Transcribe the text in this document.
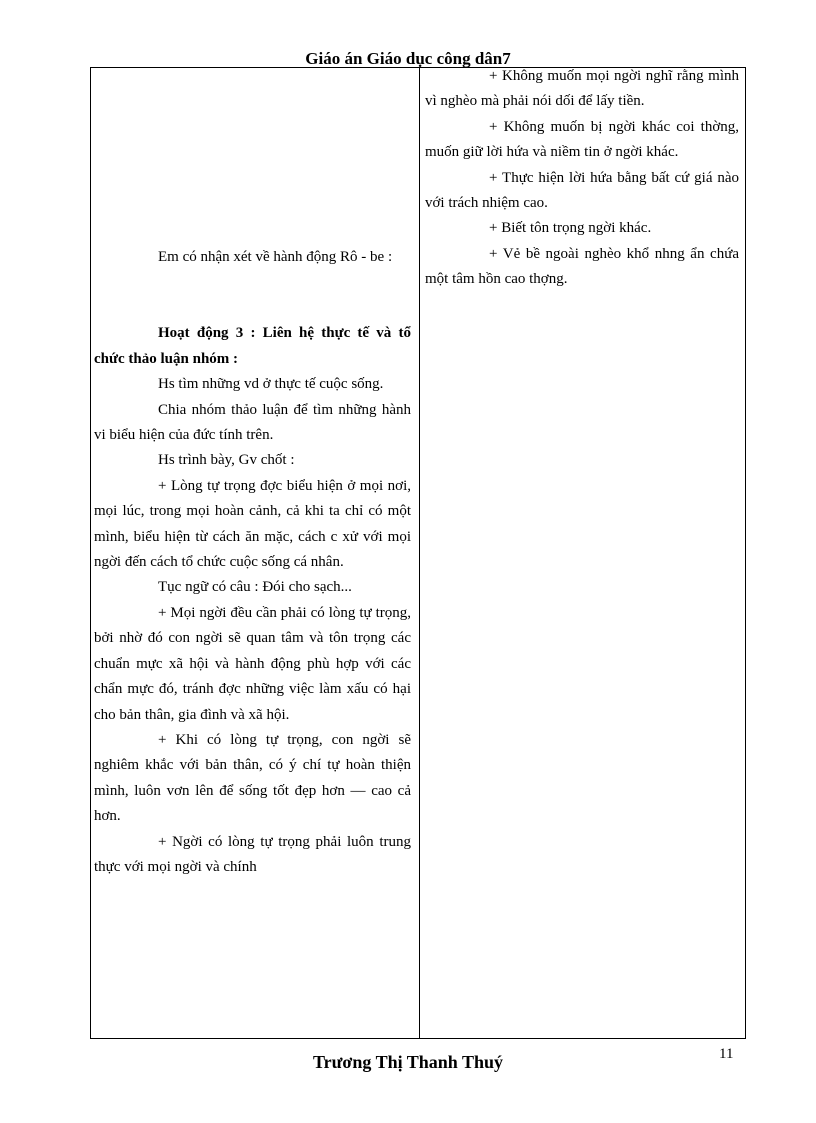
Giáo án Giáo dục công dân7

Em có nhận xét về hành động Rô - be :

Hoạt động 3 : Liên hệ thực tế và tổ chức thảo luận nhóm :

Hs tìm những vd ở thực tế cuộc sống.

Chia nhóm thảo luận để tìm những hành vi biểu hiện của đức tính trên.

Hs trình bày, Gv chốt :

+ Lòng tự trọng đợc biểu hiện ở mọi nơi, mọi lúc, trong mọi hoàn cảnh, cả khi ta chỉ có một mình, biểu hiện từ cách ăn mặc, cách c xử với mọi ngời đến cách tổ chức cuộc sống cá nhân.

Tục ngữ có câu : Đói cho sạch...

+ Mọi ngời đều cần phải có lòng tự trọng, bởi nhờ đó con ngời sẽ quan tâm và tôn trọng các chuẩn mực xã hội và hành động phù hợp với các chẩn mực đó, tránh đợc những việc làm xấu có hại cho bản thân, gia đình và xã hội.

+ Khi có lòng tự trọng, con ngời sẽ nghiêm khắc với bản thân, có ý chí tự hoàn thiện mình, luôn vơn lên để sống tốt đẹp hơn — cao cả hơn.

+ Ngời có lòng tự trọng phải luôn trung thực với mọi ngời và chính

+ Không muốn mọi ngời nghĩ rằng mình vì nghèo mà phải nói dối để lấy tiền.

+ Không muốn bị ngời khác coi thờng, muốn giữ lời hứa và niềm tin ở ngời khác.

+ Thực hiện lời hứa bằng bất cứ giá nào với trách nhiệm cao.

+ Biết tôn trọng ngời khác.

+ Vẻ bề ngoài nghèo khổ nhng ẩn chứa một tâm hồn cao thợng.

Trương Thị Thanh Thuý	11
